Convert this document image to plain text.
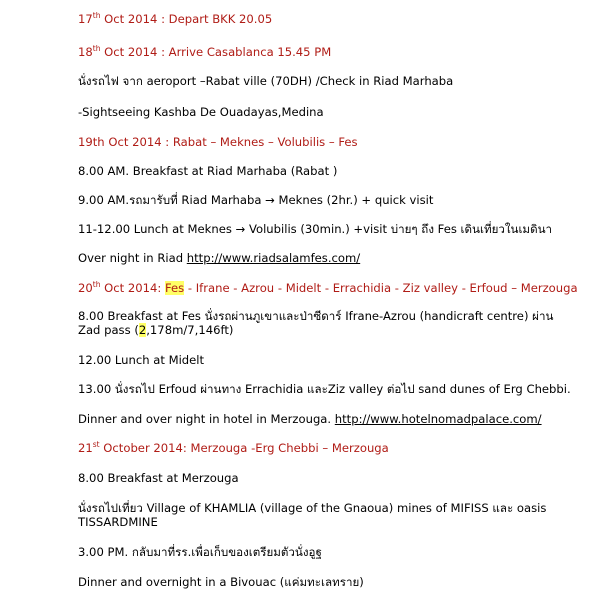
17th Oct 2014 : Depart BKK 20.05
18th Oct 2014 : Arrive Casablanca 15.45 PM
นั่งรถไฟ จาก aeroport –Rabat ville (70DH) /Check in Riad Marhaba
-Sightseeing Kashba De Ouadayas,Medina
19th Oct 2014 : Rabat – Meknes – Volubilis – Fes
8.00 AM. Breakfast at Riad Marhaba (Rabat )
9.00 AM.รถมารับที่ Riad Marhaba → Meknes (2hr.) + quick visit
11-12.00 Lunch at Meknes → Volubilis (30min.) +visit บ่ายๆ ถึง Fes เดินเที่ยวในเมดินา
Over night in Riad http://www.riadsalamfes.com/
20th Oct 2014: Fes - Ifrane - Azrou - Midelt - Errachidia - Ziz valley - Erfoud – Merzouga
8.00 Breakfast at Fes นั่งรถผ่านภูเขาและป่าซีดาร์ Ifrane-Azrou (handicraft centre) ผ่าน Zad pass (2,178m/7,146ft)
12.00 Lunch at Midelt
13.00 นั่งรถไป Erfoud ผ่านทาง Errachidia และZiz valley ต่อไป sand dunes of Erg Chebbi.
Dinner and over night in hotel in Merzouga. http://www.hotelnomadpalace.com/
21st October 2014: Merzouga -Erg Chebbi – Merzouga
8.00 Breakfast at Merzouga
นั่งรถไปเที่ยว Village of KHAMLIA (village of the Gnaoua) mines of MIFISS และ oasis TISSARDMINE
3.00 PM. กลับมาที่รร.เพื่อเก็บของเตรียมตัวนั่งอูฐ
Dinner and overnight in a Bivouac (แค่มทะเลทราย)
